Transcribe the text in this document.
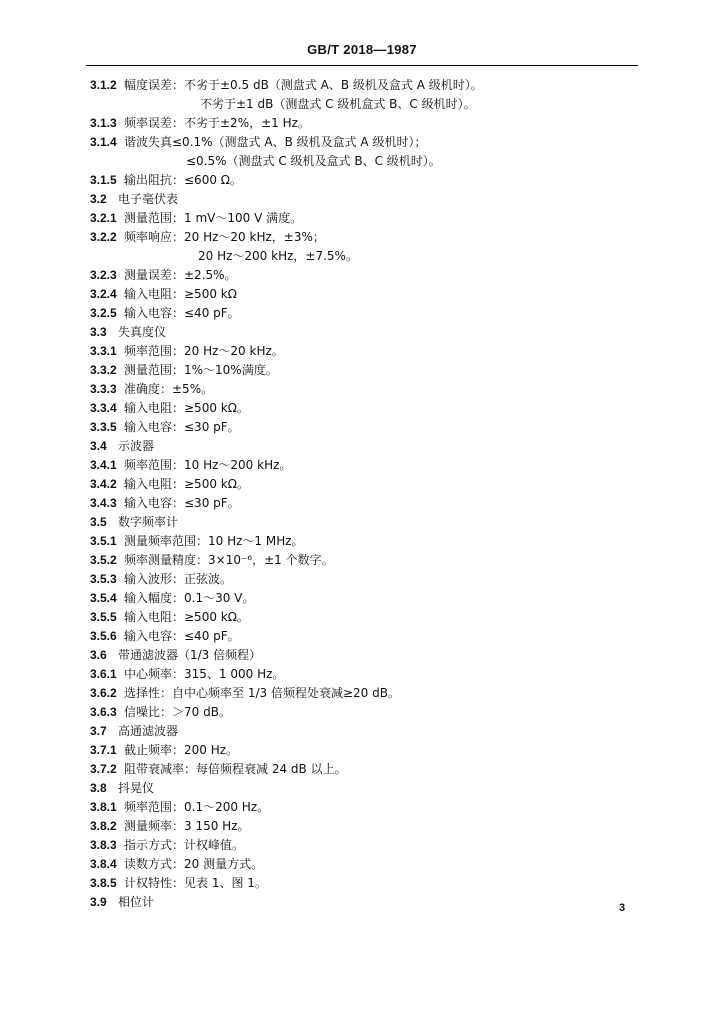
GB/T 2018—1987
3.1.2 幅度误差：不劣于±0.5 dB（测盘式 A、B 级机及盒式 A 级机时）。
不劣于±1 dB（测盘式 C 级机盒式 B、C 级机时）。
3.1.3 频率误差：不劣于±2%，±1 Hz。
3.1.4 谐波失真≤0.1%（测盘式 A、B 级机及盒式 A 级机时）；
≤0.5%（测盘式 C 级机及盒式 B、C 级机时）。
3.1.5 输出阻抗：≤600 Ω。
3.2 电子毫伏表
3.2.1 测量范围：1 mV～100 V 满度。
3.2.2 频率响应：20 Hz～20 kHz，±3%；
20 Hz～200 kHz，±7.5%。
3.2.3 测量误差：±2.5%。
3.2.4 输入电阻：≥500 kΩ
3.2.5 输入电容：≤40 pF。
3.3 失真度仪
3.3.1 频率范围：20 Hz～20 kHz。
3.3.2 测量范围：1%～10%满度。
3.3.3 准确度：±5%。
3.3.4 输入电阻：≥500 kΩ。
3.3.5 输入电容：≤30 pF。
3.4 示波器
3.4.1 频率范围：10 Hz～200 kHz。
3.4.2 输入电阻：≥500 kΩ。
3.4.3 输入电容：≤30 pF。
3.5 数字频率计
3.5.1 测量频率范围：10 Hz～1 MHz。
3.5.2 频率测量精度：3×10⁻⁶，±1 个数字。
3.5.3 输入波形：正弦波。
3.5.4 输入幅度：0.1～30 V。
3.5.5 输入电阻：≥500 kΩ。
3.5.6 输入电容：≤40 pF。
3.6 带通滤波器（1/3 倍频程）
3.6.1 中心频率：315、1 000 Hz。
3.6.2 选择性：自中心频率至 1/3 倍频程处衰减≥20 dB。
3.6.3 信噪比：＞70 dB。
3.7 高通滤波器
3.7.1 截止频率：200 Hz。
3.7.2 阻带衰减率：每倍频程衰减 24 dB 以上。
3.8 抖晃仪
3.8.1 频率范围：0.1～200 Hz。
3.8.2 测量频率：3 150 Hz。
3.8.3 指示方式：计权峰值。
3.8.4 读数方式：20 测量方式。
3.8.5 计权特性：见表 1、图 1。
3.9 相位计	3
